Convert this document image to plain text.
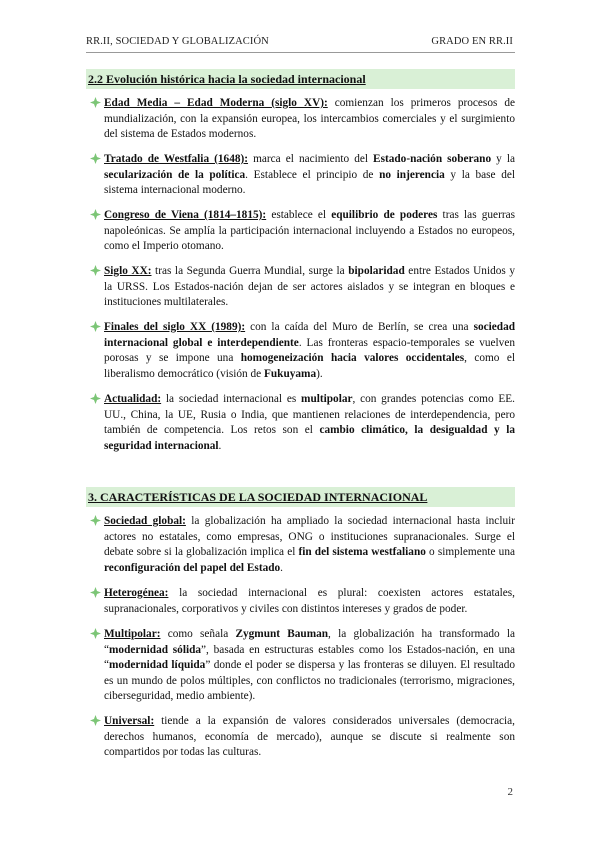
RR.II, SOCIEDAD Y GLOBALIZACIÓN	GRADO EN RR.II
2.2 Evolución histórica hacia la sociedad internacional

Edad Media – Edad Moderna (siglo XV): comienzan los primeros procesos de mundialización, con la expansión europea, los intercambios comerciales y el surgimiento del sistema de Estados modernos.

Tratado de Westfalia (1648): marca el nacimiento del Estado-nación soberano y la secularización de la política. Establece el principio de no injerencia y la base del sistema internacional moderno.

Congreso de Viena (1814–1815): establece el equilibrio de poderes tras las guerras napoleónicas. Se amplía la participación internacional incluyendo a Estados no europeos, como el Imperio otomano.

Siglo XX: tras la Segunda Guerra Mundial, surge la bipolaridad entre Estados Unidos y la URSS. Los Estados-nación dejan de ser actores aislados y se integran en bloques e instituciones multilaterales.

Finales del siglo XX (1989): con la caída del Muro de Berlín, se crea una sociedad internacional global e interdependiente. Las fronteras espacio-temporales se vuelven porosas y se impone una homogeneización hacia valores occidentales, como el liberalismo democrático (visión de Fukuyama).

Actualidad: la sociedad internacional es multipolar, con grandes potencias como EE. UU., China, la UE, Rusia o India, que mantienen relaciones de interdependencia, pero también de competencia. Los retos son el cambio climático, la desigualdad y la seguridad internacional.

3. CARACTERÍSTICAS DE LA SOCIEDAD INTERNACIONAL

Sociedad global: la globalización ha ampliado la sociedad internacional hasta incluir actores no estatales, como empresas, ONG o instituciones supranacionales. Surge el debate sobre si la globalización implica el fin del sistema westfaliano o simplemente una reconfiguración del papel del Estado.

Heterogénea: la sociedad internacional es plural: coexisten actores estatales, supranacionales, corporativos y civiles con distintos intereses y grados de poder.

Multipolar: como señala Zygmunt Bauman, la globalización ha transformado la “modernidad sólida”, basada en estructuras estables como los Estados-nación, en una “modernidad líquida” donde el poder se dispersa y las fronteras se diluyen. El resultado es un mundo de polos múltiples, con conflictos no tradicionales (terrorismo, migraciones, ciberseguridad, medio ambiente).

Universal: tiende a la expansión de valores considerados universales (democracia, derechos humanos, economía de mercado), aunque se discute si realmente son compartidos por todas las culturas.

2
